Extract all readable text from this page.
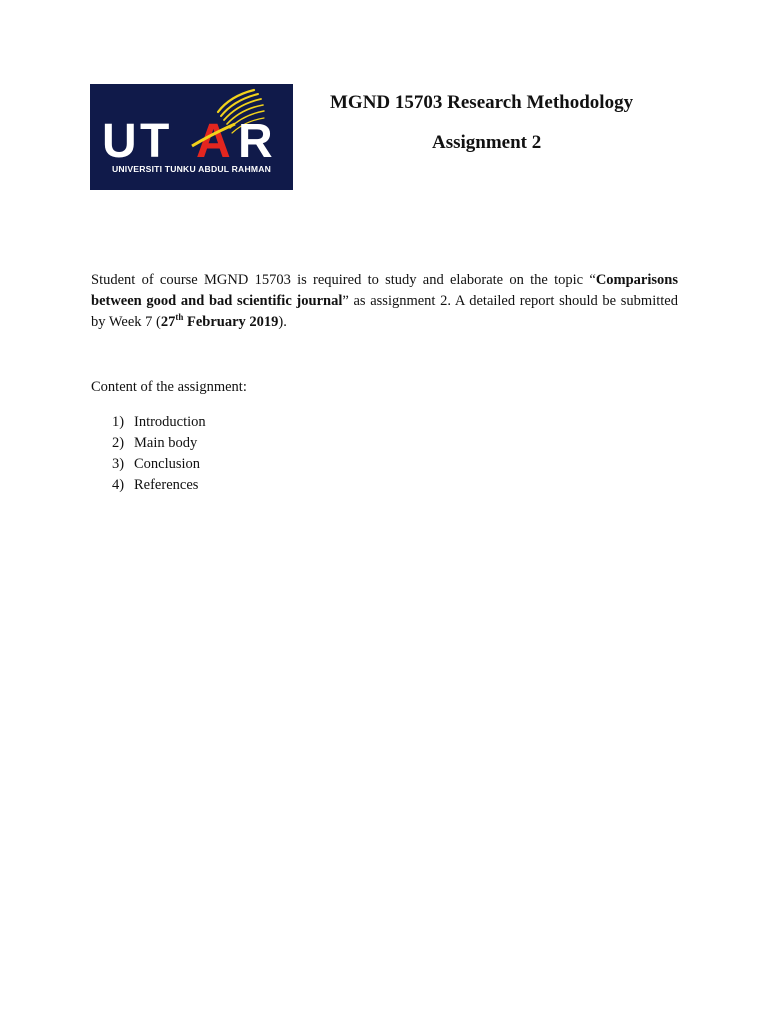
U T A R
UNIVERSITI TUNKU ABDUL RAHMAN
MGND 15703 Research Methodology
Assignment 2

Student of course MGND 15703 is required to study and elaborate on the topic “Comparisons between good and bad scientific journal” as assignment 2. A detailed report should be submitted by Week 7 (27th February 2019).

Content of the assignment:

1) Introduction
2) Main body
3) Conclusion
4) References
